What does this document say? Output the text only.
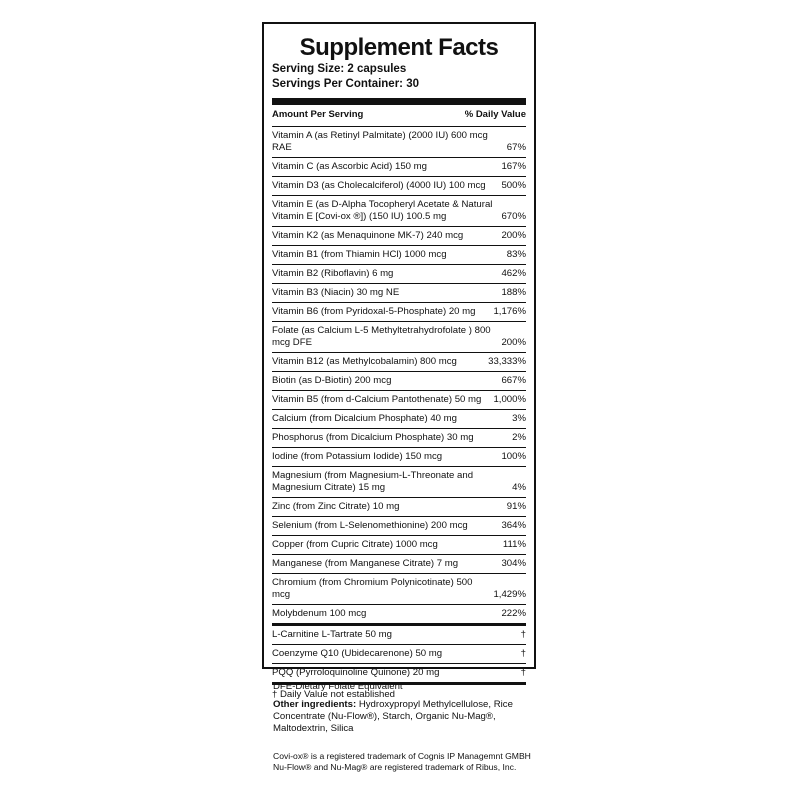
Supplement Facts
Serving Size: 2 capsules
Servings Per Container: 30
Amount Per Serving	% Daily Value
Vitamin A (as Retinyl Palmitate) (2000 IU) 600 mcg RAE	67%
Vitamin C (as Ascorbic Acid) 150 mg	167%
Vitamin D3 (as Cholecalciferol) (4000 IU) 100 mcg	500%
Vitamin E (as D-Alpha Tocopheryl Acetate & Natural Vitamin E [Covi-ox ®]) (150 IU) 100.5 mg	670%
Vitamin K2 (as Menaquinone MK-7) 240 mcg	200%
Vitamin B1 (from Thiamin HCl) 1000 mcg	83%
Vitamin B2 (Riboflavin) 6 mg	462%
Vitamin B3 (Niacin) 30 mg NE	188%
Vitamin B6 (from Pyridoxal-5-Phosphate) 20 mg	1,176%
Folate (as Calcium L-5 Methyltetrahydrofolate ) 800 mcg DFE	200%
Vitamin B12 (as Methylcobalamin) 800 mcg	33,333%
Biotin (as D-Biotin) 200 mcg	667%
Vitamin B5 (from d-Calcium Pantothenate) 50 mg	1,000%
Calcium (from Dicalcium Phosphate) 40 mg	3%
Phosphorus (from Dicalcium Phosphate) 30 mg	2%
Iodine (from Potassium Iodide) 150 mcg	100%
Magnesium (from Magnesium-L-Threonate and Magnesium Citrate) 15 mg	4%
Zinc (from Zinc Citrate) 10 mg	91%
Selenium (from L-Selenomethionine) 200 mcg	364%
Copper (from Cupric Citrate) 1000 mcg	111%
Manganese (from Manganese Citrate) 7 mg	304%
Chromium (from Chromium Polynicotinate) 500 mcg	1,429%
Molybdenum 100 mcg	222%
L-Carnitine L-Tartrate 50 mg	†
Coenzyme Q10 (Ubidecarenone) 50 mg	†
PQQ (Pyrroloquinoline Quinone) 20 mg	†
† Daily Value not established
DFE-Dietary Folate Equivalent
Other ingredients: Hydroxypropyl Methylcellulose, Rice Concentrate (Nu-Flow®), Starch, Organic Nu-Mag®, Maltodextrin, Silica
Covi-ox® is a registered trademark of Cognis IP Managemnt GMBH
Nu-Flow® and Nu-Mag® are registered trademark of Ribus, Inc.
